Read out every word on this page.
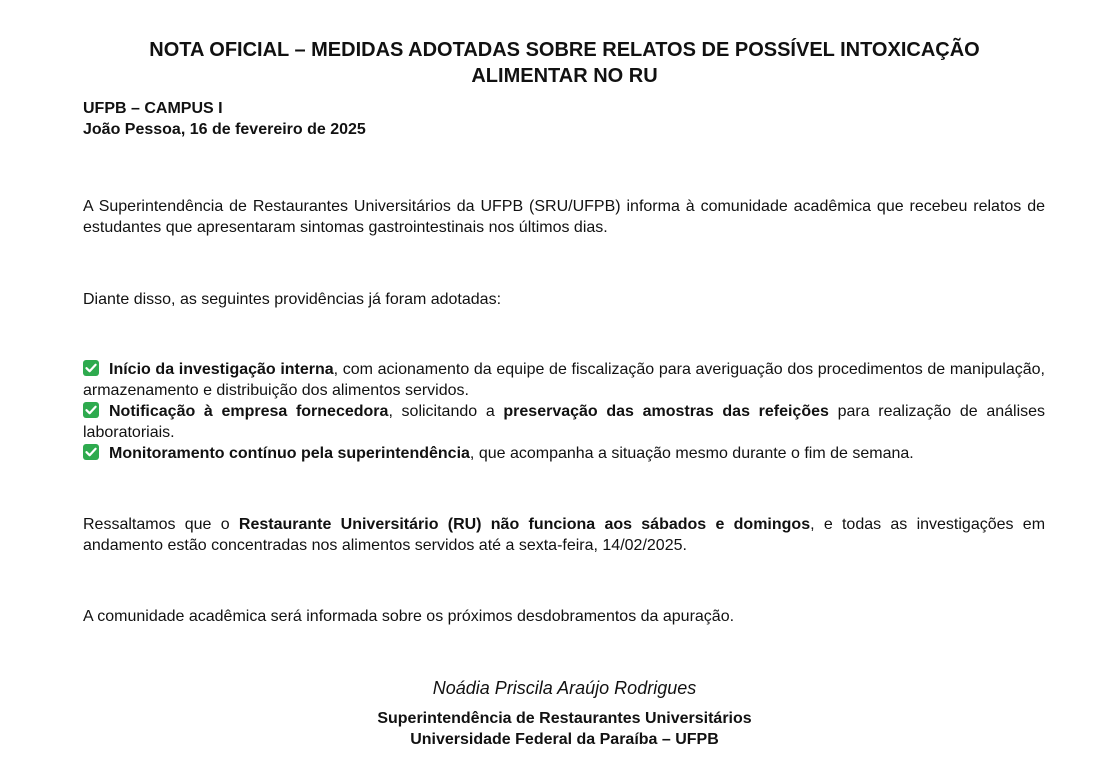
NOTA OFICIAL – MEDIDAS ADOTADAS SOBRE RELATOS DE POSSÍVEL INTOXICAÇÃO
ALIMENTAR NO RU
UFPB – CAMPUS I
João Pessoa, 16 de fevereiro de 2025
A Superintendência de Restaurantes Universitários da UFPB (SRU/UFPB) informa à comunidade acadêmica que recebeu relatos de estudantes que apresentaram sintomas gastrointestinais nos últimos dias.
Diante disso, as seguintes providências já foram adotadas:
Início da investigação interna, com acionamento da equipe de fiscalização para averiguação dos procedimentos de manipulação, armazenamento e distribuição dos alimentos servidos.
Notificação à empresa fornecedora, solicitando a preservação das amostras das refeições para realização de análises laboratoriais.
Monitoramento contínuo pela superintendência, que acompanha a situação mesmo durante o fim de semana.
Ressaltamos que o Restaurante Universitário (RU) não funciona aos sábados e domingos, e todas as investigações em andamento estão concentradas nos alimentos servidos até a sexta-feira, 14/02/2025.
A comunidade acadêmica será informada sobre os próximos desdobramentos da apuração.
Noádia Priscila Araújo Rodrigues
Superintendência de Restaurantes Universitários
Universidade Federal da Paraíba – UFPB
